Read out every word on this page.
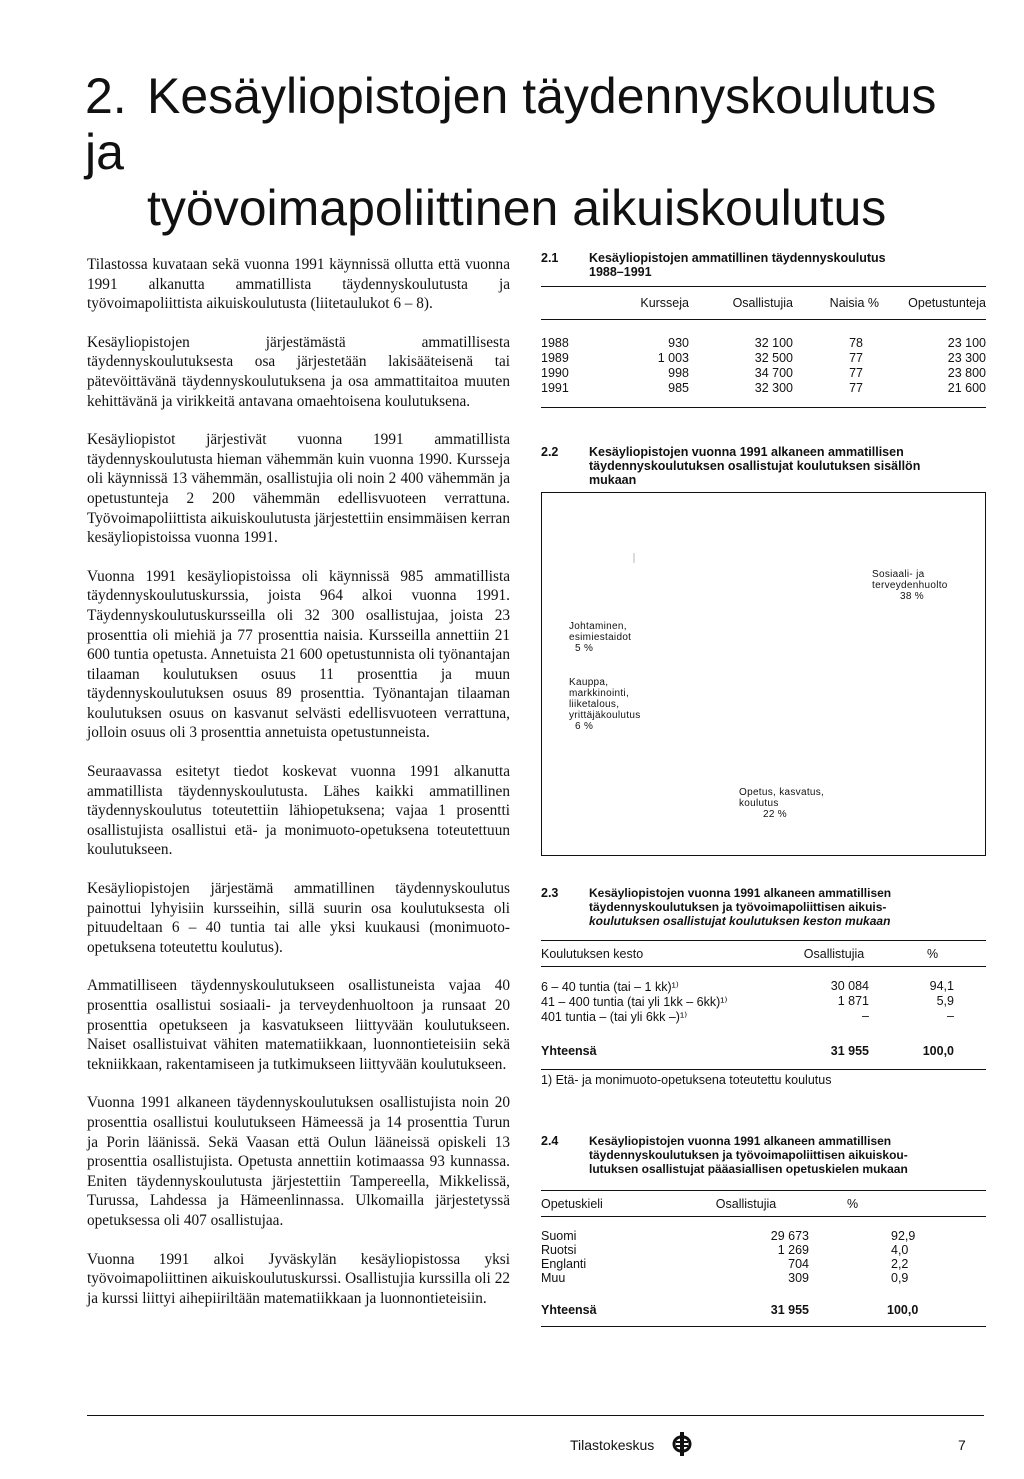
2. Kesäyliopistojen täydennyskoulutus ja
työvoimapoliittinen aikuiskoulutus

Tilastossa kuvataan sekä vuonna 1991 käynnissä ollutta että vuonna 1991 alkanutta ammatillista täydennyskoulutusta ja työvoimapoliittista aikuiskoulutusta (liitetaulukot 6 – 8).

Kesäyliopistojen järjestämästä ammatillisesta täydennyskoulutuksesta osa järjestetään lakisääteisenä tai pätevöittävänä täydennyskoulutuksena ja osa ammattitaitoa muuten kehittävänä ja virikkeitä antavana omaehtoisena koulutuksena.

Kesäyliopistot järjestivät vuonna 1991 ammatillista täydennyskoulutusta hieman vähemmän kuin vuonna 1990. Kursseja oli käynnissä 13 vähemmän, osallistujia oli noin 2 400 vähemmän ja opetustunteja 2 200 vähemmän edellisvuoteen verrattuna. Työvoimapoliittista aikuiskoulutusta järjestettiin ensimmäisen kerran kesäyliopistoissa vuonna 1991.

Vuonna 1991 kesäyliopistoissa oli käynnissä 985 ammatillista täydennyskoulutuskurssia, joista 964 alkoi vuonna 1991. Täydennyskoulutuskursseilla oli 32 300 osallistujaa, joista 23 prosenttia oli miehiä ja 77 prosenttia naisia. Kursseilla annettiin 21 600 tuntia opetusta. Annetuista 21 600 opetustunnista oli työnantajan tilaaman koulutuksen osuus 11 prosenttia ja muun täydennyskoulutuksen osuus 89 prosenttia. Työnantajan tilaaman koulutuksen osuus on kasvanut selvästi edellisvuoteen verrattuna, jolloin osuus oli 3 prosenttia annetuista opetustunneista.

Seuraavassa esitetyt tiedot koskevat vuonna 1991 alkanutta ammatillista täydennyskoulutusta. Lähes kaikki ammatillinen täydennyskoulutus toteutettiin lähiopetuksena; vajaa 1 prosentti osallistujista osallistui etä- ja monimuoto-opetuksena toteutettuun koulutukseen.

Kesäyliopistojen järjestämä ammatillinen täydennyskoulutus painottui lyhyisiin kursseihin, sillä suurin osa koulutuksesta oli pituudeltaan 6 – 40 tuntia tai alle yksi kuukausi (monimuoto-opetuksena toteutettu koulutus).

Ammatilliseen täydennyskoulutukseen osallistuneista vajaa 40 prosenttia osallistui sosiaali- ja terveydenhuoltoon ja runsaat 20 prosenttia opetukseen ja kasvatukseen liittyvään koulutukseen. Naiset osallistuivat vähiten matematiikkaan, luonnontieteisiin sekä tekniikkaan, rakentamiseen ja tutkimukseen liittyvään koulutukseen.

Vuonna 1991 alkaneen täydennyskoulutuksen osallistujista noin 20 prosenttia osallistui koulutukseen Hämeessä ja 14 prosenttia Turun ja Porin läänissä. Sekä Vaasan että Oulun lääneissä opiskeli 13 prosenttia osallistujista. Opetusta annettiin kotimaassa 93 kunnassa. Eniten täydennyskoulutusta järjestettiin Tampereella, Mikkelissä, Turussa, Lahdessa ja Hämeenlinnassa. Ulkomailla järjestetyssä opetuksessa oli 407 osallistujaa.

Vuonna 1991 alkoi Jyväskylän kesäyliopistossa yksi työvoimapoliittinen aikuiskoulutuskurssi. Osallistujia kurssilla oli 22 ja kurssi liittyi aihepiiriltään matematiikkaan ja luonnontieteisiin.

2.1	Kesäyliopistojen ammatillinen täydennyskoulutus
1988–1991
	Kursseja	Osallistujia	Naisia %	Opetustunteja

1988	930	32 100	78	23 100
1989	1 003	32 500	77	23 300
1990	998	34 700	77	23 800
1991	985	32 300	77	21 600

2.2	Kesäyliopistojen vuonna 1991 alkaneen ammatillisen
täydennyskoulutuksen osallistujat koulutuksen sisällön
mukaan
Sosiaali- ja
terveydenhuolto
38 %
Johtaminen,
esimiestaidot
5 %
Kauppa,
markkinointi,
liiketalous,
yrittäjäkoulutus
6 %
Opetus, kasvatus,
koulutus
22 %
2.3	Kesäyliopistojen vuonna 1991 alkaneen ammatillisen
täydennyskoulutuksen ja työvoimapoliittisen aikuis-
koulutuksen osallistujat koulutuksen keston mukaan
Koulutuksen kesto	Osallistujia	%

6 – 40 tuntia (tai – 1 kk)¹⁾	30 084	94,1
41 – 400 tuntia (tai yli 1kk – 6kk)¹⁾	1 871	5,9
401 tuntia – (tai yli 6kk –)¹⁾	–	–

Yhteensä	31 955	100,0

1) Etä- ja monimuoto-opetuksena toteutettu koulutus		
2.4	Kesäyliopistojen vuonna 1991 alkaneen ammatillisen
täydennyskoulutuksen ja työvoimapoliittisen aikuiskou-
lutuksen osallistujat pääasiallisen opetuskielen mukaan
Opetuskieli	Osallistujia	%

Suomi	29 673	92,9
Ruotsi	1 269	4,0
Englanti	704	2,2
Muu	309	0,9

Yhteensä	31 955	100,0

Tilastokeskus	7
